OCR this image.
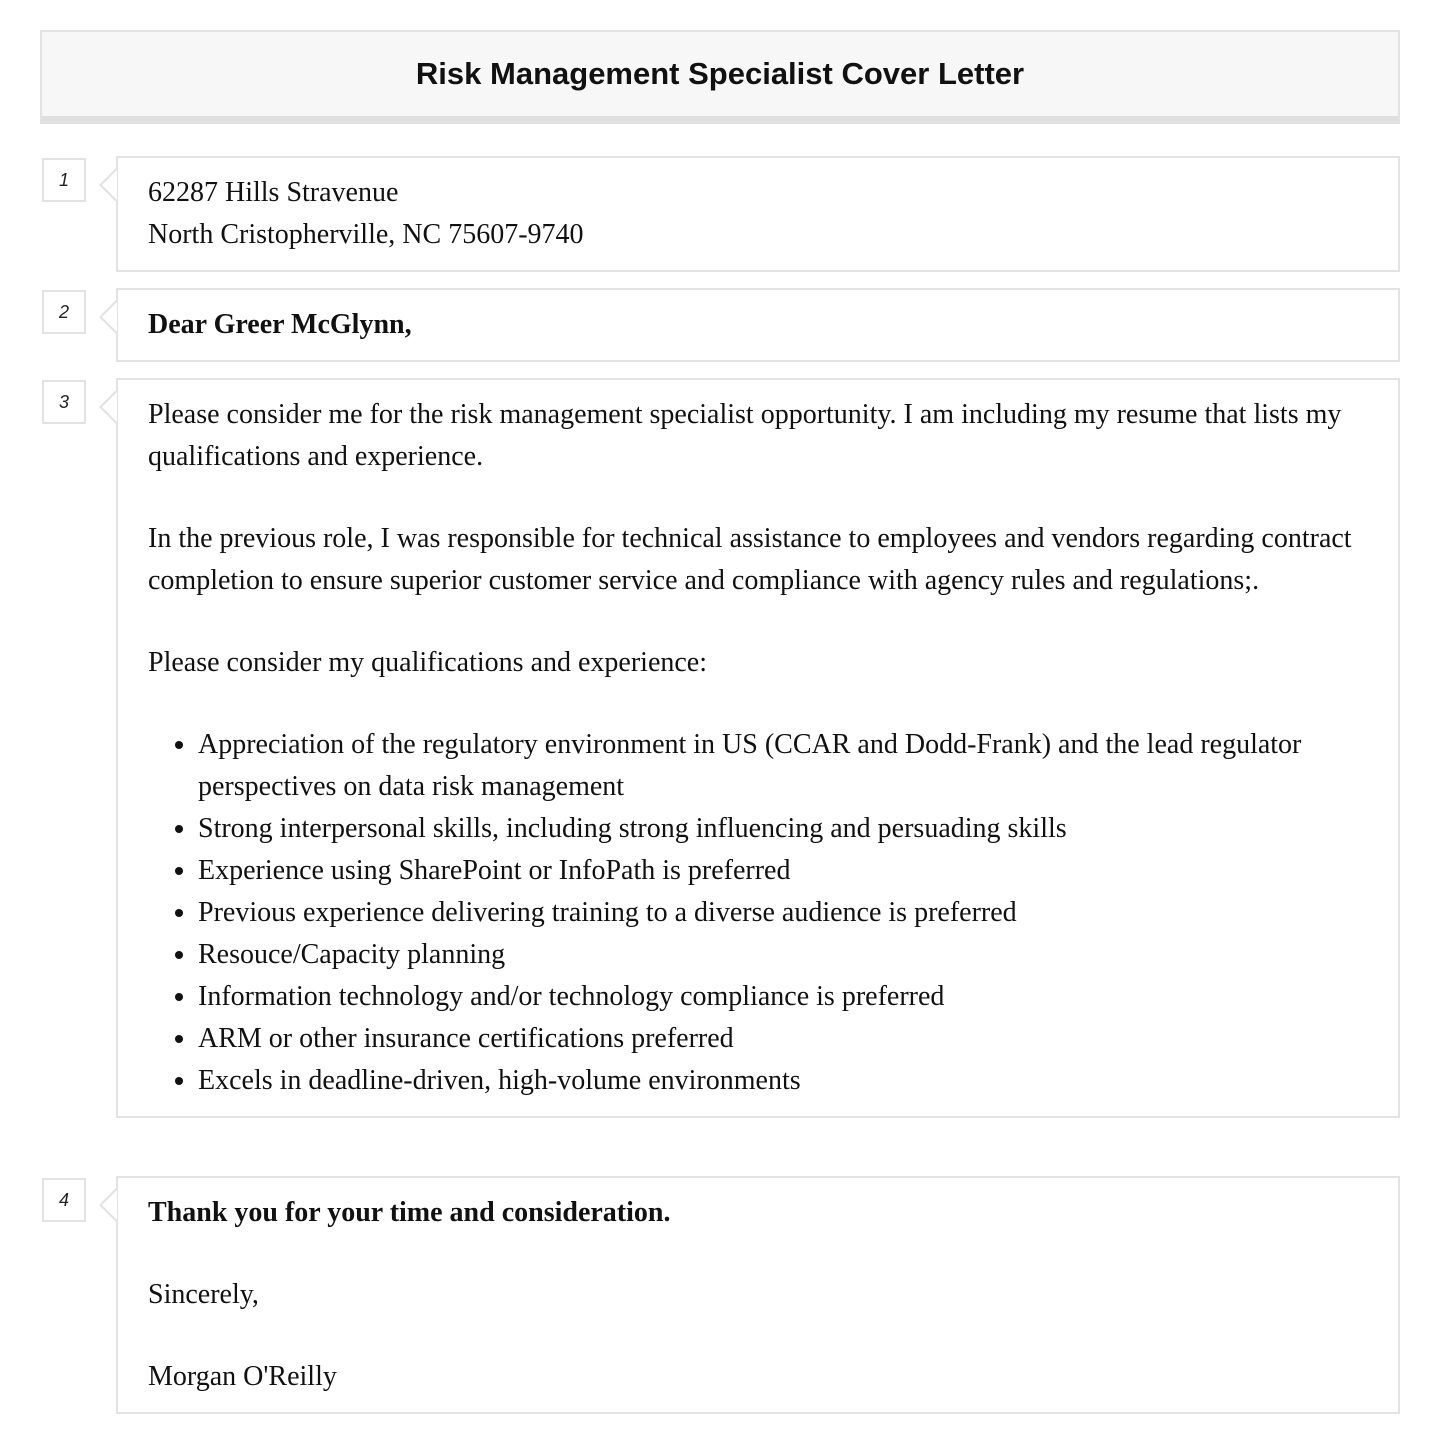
Risk Management Specialist Cover Letter
1	62287 Hills Stravenue
North Cristopherville, NC 75607-9740
2	Dear Greer McGlynn,
3	Please consider me for the risk management specialist opportunity. I am including my resume that lists my qualifications and experience.

In the previous role, I was responsible for technical assistance to employees and vendors regarding contract completion to ensure superior customer service and compliance with agency rules and regulations;.

Please consider my qualifications and experience:

• Appreciation of the regulatory environment in US (CCAR and Dodd-Frank) and the lead regulator perspectives on data risk management
• Strong interpersonal skills, including strong influencing and persuading skills
• Experience using SharePoint or InfoPath is preferred
• Previous experience delivering training to a diverse audience is preferred
• Resouce/Capacity planning
• Information technology and/or technology compliance is preferred
• ARM or other insurance certifications preferred
• Excels in deadline-driven, high-volume environments
4	Thank you for your time and consideration.

Sincerely,

Morgan O'Reilly
